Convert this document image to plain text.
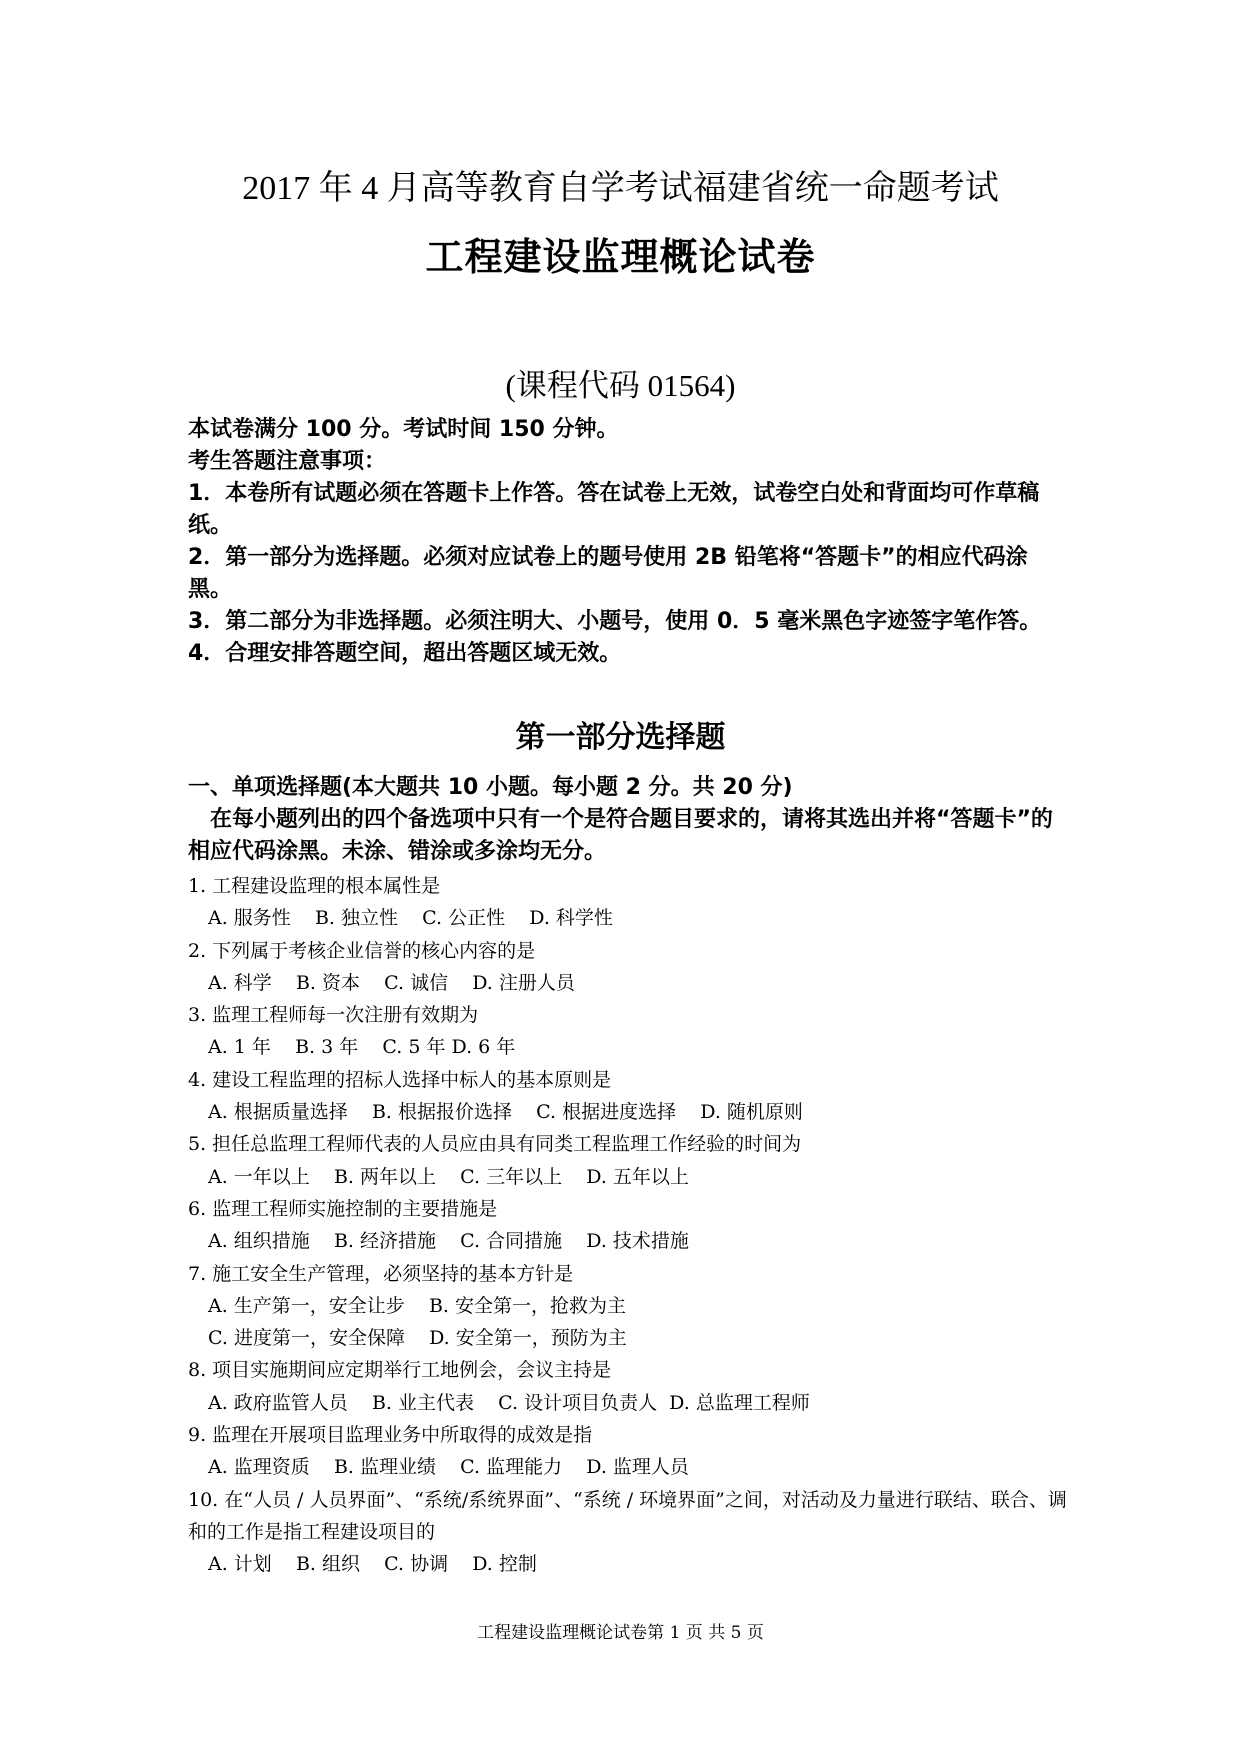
2017 年 4 月高等教育自学考试福建省统一命题考试
工程建设监理概论试卷
(课程代码 01564)

本试卷满分 100 分。考试时间 150 分钟。

考生答题注意事项：

1．本卷所有试题必须在答题卡上作答。答在试卷上无效，试卷空白处和背面均可作草稿纸。

2．第一部分为选择题。必须对应试卷上的题号使用 2B 铅笔将“答题卡”的相应代码涂黑。

3．第二部分为非选择题。必须注明大、小题号，使用 0．5 毫米黑色字迹签字笔作答。

4．合理安排答题空间，超出答题区域无效。

第一部分选择题

一、单项选择题(本大题共 10 小题。每小题 2 分。共 20 分)

在每小题列出的四个备选项中只有一个是符合题目要求的，请将其选出并将“答题卡”的相应代码涂黑。未涂、错涂或多涂均无分。

1. 工程建设监理的根本属性是

A. 服务性    B. 独立性    C. 公正性    D. 科学性

2. 下列属于考核企业信誉的核心内容的是

A. 科学    B. 资本    C. 诚信    D. 注册人员

3. 监理工程师每一次注册有效期为

A. 1 年    B. 3 年    C. 5 年 D. 6 年

4. 建设工程监理的招标人选择中标人的基本原则是

A. 根据质量选择    B. 根据报价选择    C. 根据进度选择    D. 随机原则

5. 担任总监理工程师代表的人员应由具有同类工程监理工作经验的时间为

A. 一年以上    B. 两年以上    C. 三年以上    D. 五年以上

6. 监理工程师实施控制的主要措施是

A. 组织措施    B. 经济措施    C. 合同措施    D. 技术措施

7. 施工安全生产管理，必须坚持的基本方针是

A. 生产第一，安全让步    B. 安全第一，抢救为主

C. 进度第一，安全保障    D. 安全第一，预防为主

8. 项目实施期间应定期举行工地例会，会议主持是

A. 政府监管人员    B. 业主代表    C. 设计项目负责人  D. 总监理工程师

9. 监理在开展项目监理业务中所取得的成效是指

A. 监理资质    B. 监理业绩    C. 监理能力    D. 监理人员

10. 在“人员 / 人员界面”、“系统/系统界面”、“系统 / 环境界面”之间，对活动及力量进行联结、联合、调和的工作是指工程建设项目的

A. 计划    B. 组织    C. 协调    D. 控制

工程建设监理概论试卷第 1 页 共 5 页
